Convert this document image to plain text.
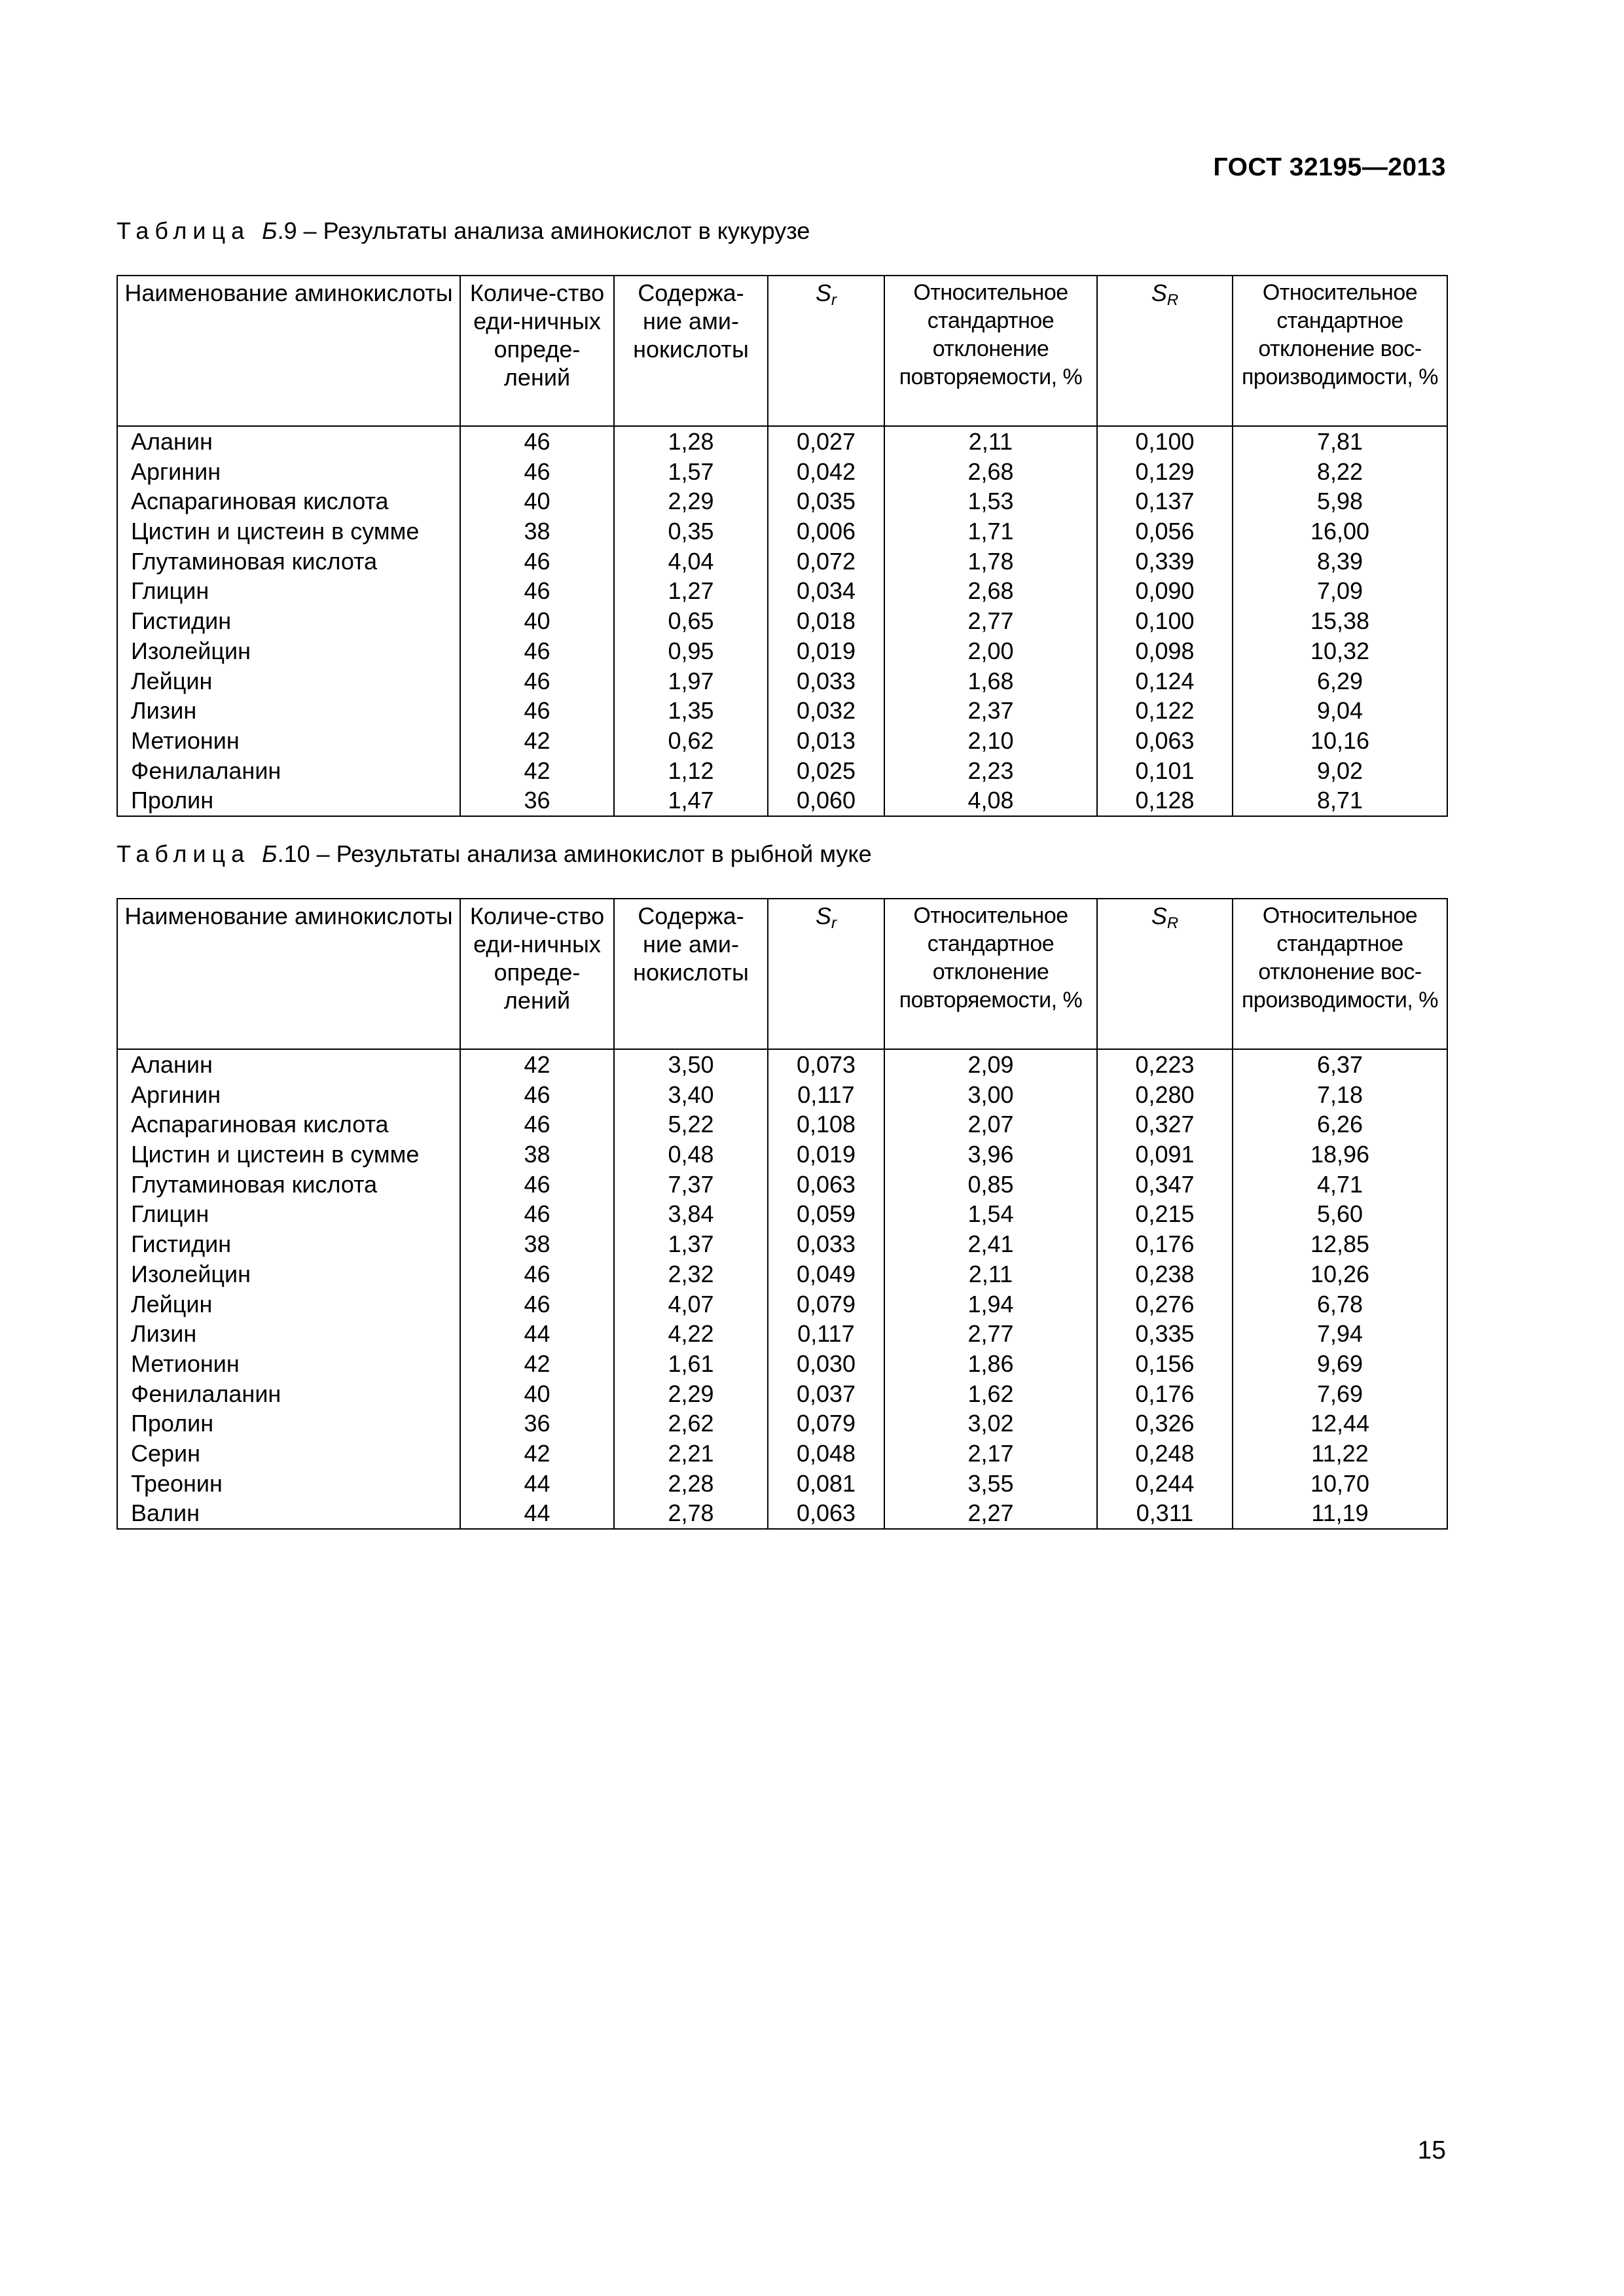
ГОСТ 32195—2013
Таблица Б.9 – Результаты анализа аминокислот в кукурузе
Наименование аминокислоты	Количе-ство еди-ничных опреде-лений	Содержа-ние ами-нокислоты	$S_r$	Относительное стандартное отклонение повторяемости, %	$S_R$	Относительное стандартное отклонение вос-производимости, %
Аланин	46	1,28	0,027	2,11	0,100	7,81
Аргинин	46	1,57	0,042	2,68	0,129	8,22
Аспарагиновая кислота	40	2,29	0,035	1,53	0,137	5,98
Цистин и цистеин в сумме	38	0,35	0,006	1,71	0,056	16,00
Глутаминовая кислота	46	4,04	0,072	1,78	0,339	8,39
Глицин	46	1,27	0,034	2,68	0,090	7,09
Гистидин	40	0,65	0,018	2,77	0,100	15,38
Изолейцин	46	0,95	0,019	2,00	0,098	10,32
Лейцин	46	1,97	0,033	1,68	0,124	6,29
Лизин	46	1,35	0,032	2,37	0,122	9,04
Метионин	42	0,62	0,013	2,10	0,063	10,16
Фенилаланин	42	1,12	0,025	2,23	0,101	9,02
Пролин	36	1,47	0,060	4,08	0,128	8,71
Таблица Б.10 – Результаты анализа аминокислот в рыбной муке
Наименование аминокислоты	Количе-ство еди-ничных опреде-лений	Содержа-ние ами-нокислоты	$S_r$	Относительное стандартное отклонение повторяемости, %	$S_R$	Относительное стандартное отклонение вос-производимости, %
Аланин	42	3,50	0,073	2,09	0,223	6,37
Аргинин	46	3,40	0,117	3,00	0,280	7,18
Аспарагиновая кислота	46	5,22	0,108	2,07	0,327	6,26
Цистин и цистеин в сумме	38	0,48	0,019	3,96	0,091	18,96
Глутаминовая кислота	46	7,37	0,063	0,85	0,347	4,71
Глицин	46	3,84	0,059	1,54	0,215	5,60
Гистидин	38	1,37	0,033	2,41	0,176	12,85
Изолейцин	46	2,32	0,049	2,11	0,238	10,26
Лейцин	46	4,07	0,079	1,94	0,276	6,78
Лизин	44	4,22	0,117	2,77	0,335	7,94
Метионин	42	1,61	0,030	1,86	0,156	9,69
Фенилаланин	40	2,29	0,037	1,62	0,176	7,69
Пролин	36	2,62	0,079	3,02	0,326	12,44
Серин	42	2,21	0,048	2,17	0,248	11,22
Треонин	44	2,28	0,081	3,55	0,244	10,70
Валин	44	2,78	0,063	2,27	0,311	11,19
15
